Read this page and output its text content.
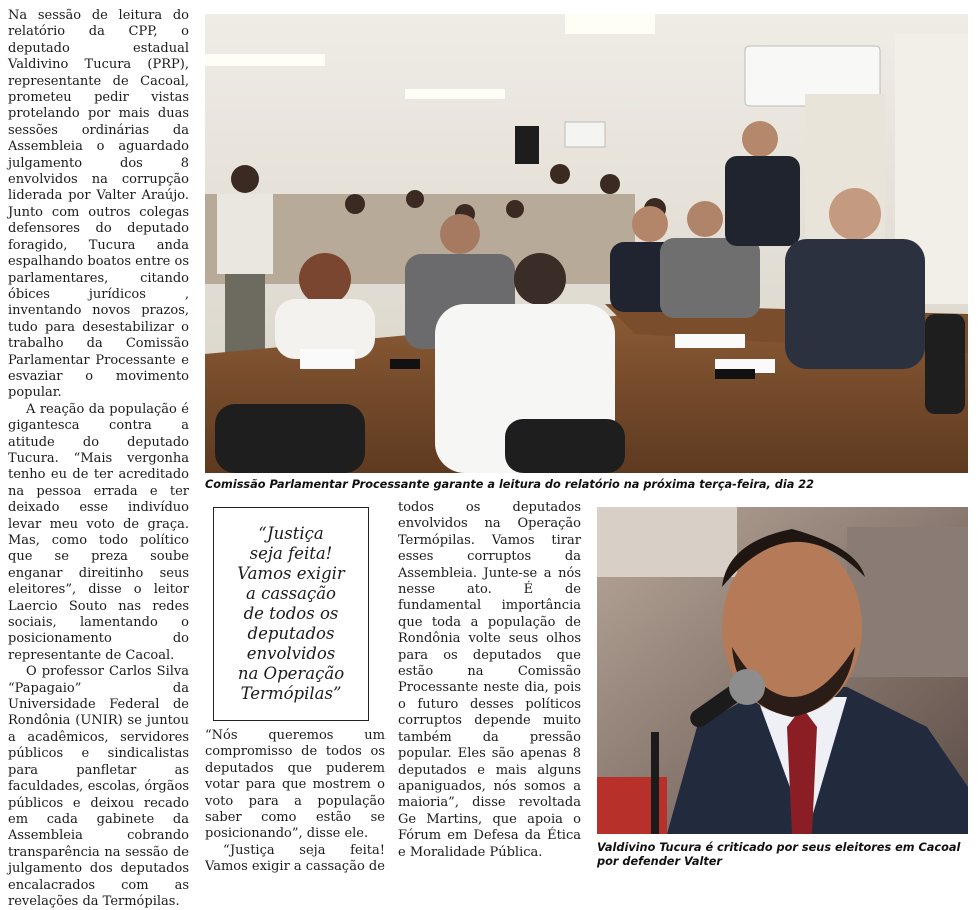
Na sessão de leitura do relatório da CPP, o deputado estadual Valdivino Tucura (PRP), representante de Cacoal, prometeu pedir vistas protelando por mais duas sessões ordinárias da Assembleia o aguardado julgamento dos 8 envolvidos na corrupção liderada por Valter Araújo. Junto com outros colegas defensores do deputado foragido, Tucura anda espalhando boatos entre os parlamentares, citando óbices jurídicos , inventando novos prazos, tudo para desestabilizar o trabalho da Comissão Parlamentar Processante e esvaziar o movimento popular.

A reação da população é gigantesca contra a atitude do deputado Tucura. “Mais vergonha tenho eu de ter acreditado na pessoa errada e ter deixado esse indivíduo levar meu voto de graça. Mas, como todo político que se preza soube enganar direitinho seus eleitores”, disse o leitor Laercio Souto nas redes sociais, lamentando o posicionamento do representante de Cacoal.

O professor Carlos Silva “Papagaio” da Universidade Federal de Rondônia (UNIR) se juntou a acadêmicos, servidores públicos e sindicalistas para panfletar as faculdades, escolas, órgãos públicos e deixou recado em cada gabinete da Assembleia cobrando transparência na sessão de julgamento dos deputados encalacrados com as revelações da Termópilas.

Comissão Parlamentar Processante garante a leitura do relatório na próxima terça-feira, dia 22
“Justiça
seja feita!
Vamos exigir
a cassação
de todos os
deputados
envolvidos
na Operação
Termópilas”

“Nós queremos um compromisso de todos os deputados que puderem votar para que mostrem o voto para a população saber como estão se posicionando”, disse ele.

“Justiça seja feita! Vamos exigir a cassação de

todos os deputados envolvidos na Operação Termópilas. Vamos tirar esses corruptos da Assembleia. Junte-se a nós nesse ato. É de fundamental importância que toda a população de Rondônia volte seus olhos para os deputados que estão na Comissão Processante neste dia, pois o futuro desses políticos corruptos depende muito também da pressão popular. Eles são apenas 8 deputados e mais alguns apaniguados, nós somos a maioria”, disse revoltada Ge Martins, que apoia o Fórum em Defesa da Ética e Moralidade Pública.	Valdivino Tucura é criticado por seus eleitores em Cacoal por defender Valter
